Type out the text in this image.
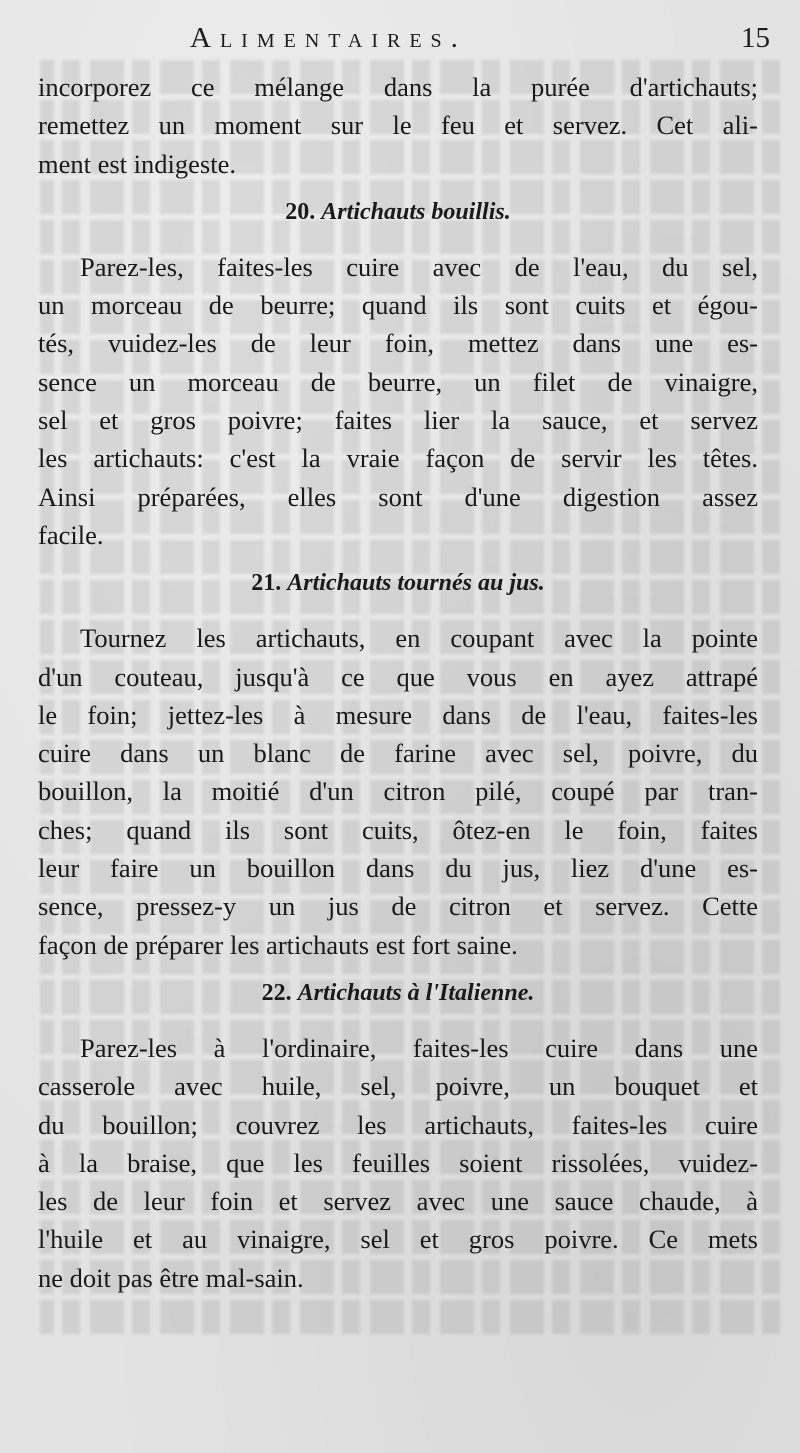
Alimentaires.	15

incorporez ce mélange dans la purée d'artichauts;

remettez un moment sur le feu et servez. Cet ali-

ment est indigeste.

20. Artichauts bouillis.

Parez-les, faites-les cuire avec de l'eau, du sel,

un morceau de beurre; quand ils sont cuits et égou-

tés, vuidez-les de leur foin, mettez dans une es-

sence un morceau de beurre, un filet de vinaigre,

sel et gros poivre; faites lier la sauce, et servez

les artichauts: c'est la vraie façon de servir les têtes.

Ainsi préparées, elles sont d'une digestion assez

facile.

21. Artichauts tournés au jus.

Tournez les artichauts, en coupant avec la pointe

d'un couteau, jusqu'à ce que vous en ayez attrapé

le foin; jettez-les à mesure dans de l'eau, faites-les

cuire dans un blanc de farine avec sel, poivre, du

bouillon, la moitié d'un citron pilé, coupé par tran-

ches; quand ils sont cuits, ôtez-en le foin, faites

leur faire un bouillon dans du jus, liez d'une es-

sence, pressez-y un jus de citron et servez. Cette

façon de préparer les artichauts est fort saine.

22. Artichauts à l'Italienne.

Parez-les à l'ordinaire, faites-les cuire dans une

casserole avec huile, sel, poivre, un bouquet et

du bouillon; couvrez les artichauts, faites-les cuire

à la braise, que les feuilles soient rissolées, vuidez-

les de leur foin et servez avec une sauce chaude, à

l'huile et au vinaigre, sel et gros poivre. Ce mets

ne doit pas être mal-sain.
